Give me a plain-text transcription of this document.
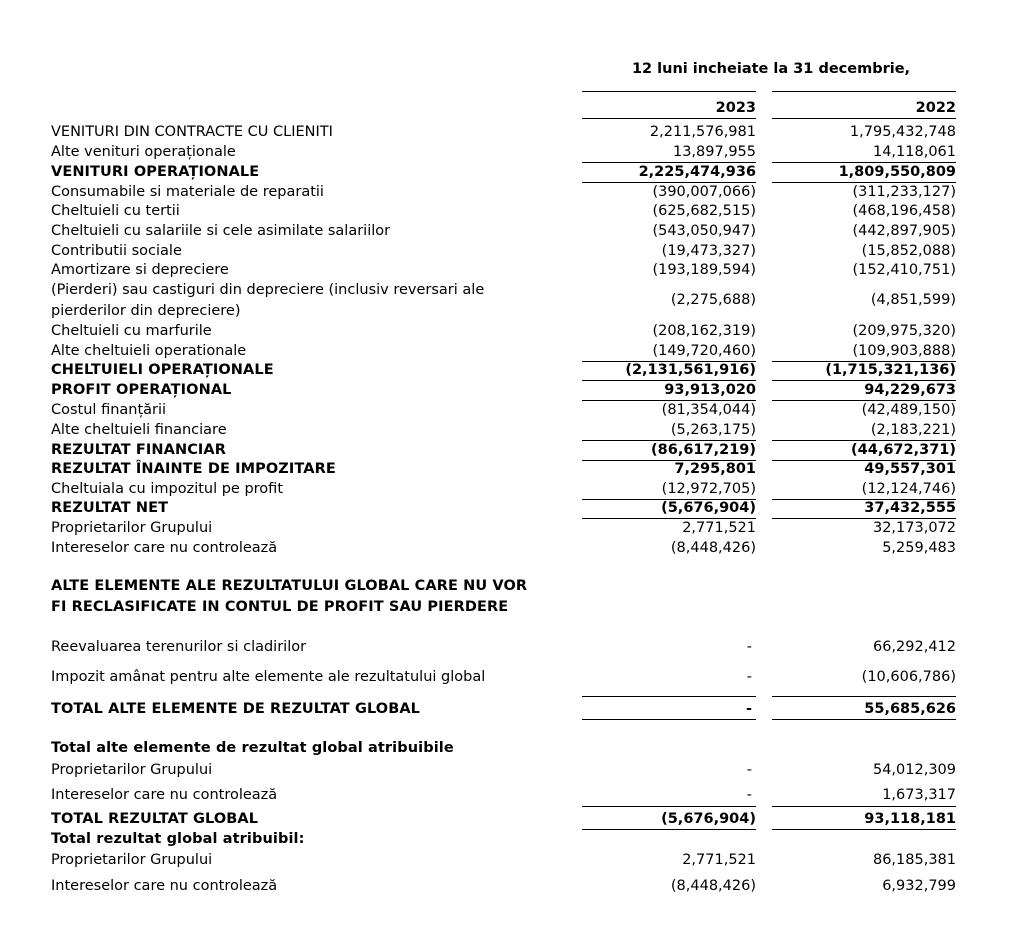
12 luni incheiate la 31 decembrie,
2023	2022
VENITURI DIN CONTRACTE CU CLIENITI	2,211,576,981	1,795,432,748
Alte venituri operaționale	13,897,955	14,118,061
VENITURI OPERAȚIONALE	2,225,474,936	1,809,550,809
Consumabile si materiale de reparatii	(390,007,066)	(311,233,127)
Cheltuieli cu tertii	(625,682,515)	(468,196,458)
Cheltuieli cu salariile si cele asimilate salariilor	(543,050,947)	(442,897,905)
Contributii sociale	(19,473,327)	(15,852,088)
Amortizare si depreciere	(193,189,594)	(152,410,751)
(Pierderi) sau castiguri din depreciere (inclusiv reversari ale pierderilor din depreciere)
(2,275,688)	(4,851,599)
Cheltuieli cu marfurile	(208,162,319)	(209,975,320)
Alte cheltuieli operationale	(149,720,460)	(109,903,888)
CHELTUIELI OPERAȚIONALE	(2,131,561,916)	(1,715,321,136)
PROFIT OPERAȚIONAL	93,913,020	94,229,673
Costul finanțării	(81,354,044)	(42,489,150)
Alte cheltuieli financiare	(5,263,175)	(2,183,221)
REZULTAT FINANCIAR	(86,617,219)	(44,672,371)
REZULTAT ÎNAINTE DE IMPOZITARE	7,295,801	49,557,301
Cheltuiala cu impozitul pe profit	(12,972,705)	(12,124,746)
REZULTAT NET	(5,676,904)	37,432,555
Proprietarilor Grupului	2,771,521	32,173,072
Intereselor care nu controlează	(8,448,426)	5,259,483
ALTE ELEMENTE ALE REZULTATULUI GLOBAL CARE NU VOR FI RECLASIFICATE IN CONTUL DE PROFIT SAU PIERDERE
Reevaluarea terenurilor si cladirilor	-	66,292,412
Impozit amânat pentru alte elemente ale rezultatului global	-	(10,606,786)
TOTAL ALTE ELEMENTE DE REZULTAT GLOBAL	-	55,685,626
Total alte elemente de rezultat global atribuibile
Proprietarilor Grupului	-	54,012,309
Intereselor care nu controlează	-	1,673,317
TOTAL REZULTAT GLOBAL	(5,676,904)	93,118,181
Total rezultat global atribuibil:
Proprietarilor Grupului	2,771,521	86,185,381
Intereselor care nu controlează	(8,448,426)	6,932,799
